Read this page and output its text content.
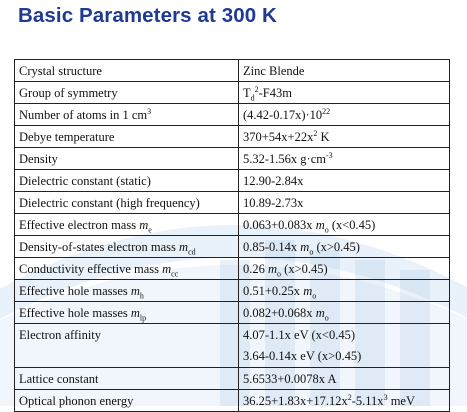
Basic Parameters at 300 K
Crystal structure	Zinc Blende
Group of symmetry	$T_d^2-F43m$
Number of atoms in 1 $cm^3$	$(4.42-0.17x)\cdot 10^{22}$
Debye temperature	$370+54x+22x^2$ K
Density	5.32-1.56x $g\cdot cm^{-3}$
Dielectric constant (static)	12.90-2.84x
Dielectric constant (high frequency)	10.89-2.73x
Effective electron mass $m_e$	0.063+0.083x $m_o$ (x<0.45)
Density-of-states electron mass $m_{cd}$	0.85-0.14x $m_o$ (x>0.45)
Conductivity effective mass $m_{cc}$	0.26 $m_o$ (x>0.45)
Effective hole masses $m_h$	0.51+0.25x $m_o$
Effective hole masses $m_{lp}$	0.082+0.068x $m_o$
Electron affinity	4.07-1.1x eV (x<0.45)
3.64-0.14x eV (x>0.45)

Lattice constant	5.6533+0.0078x A
Optical phonon energy	$36.25+1.83x+17.12x^2-5.11x^3$ meV
